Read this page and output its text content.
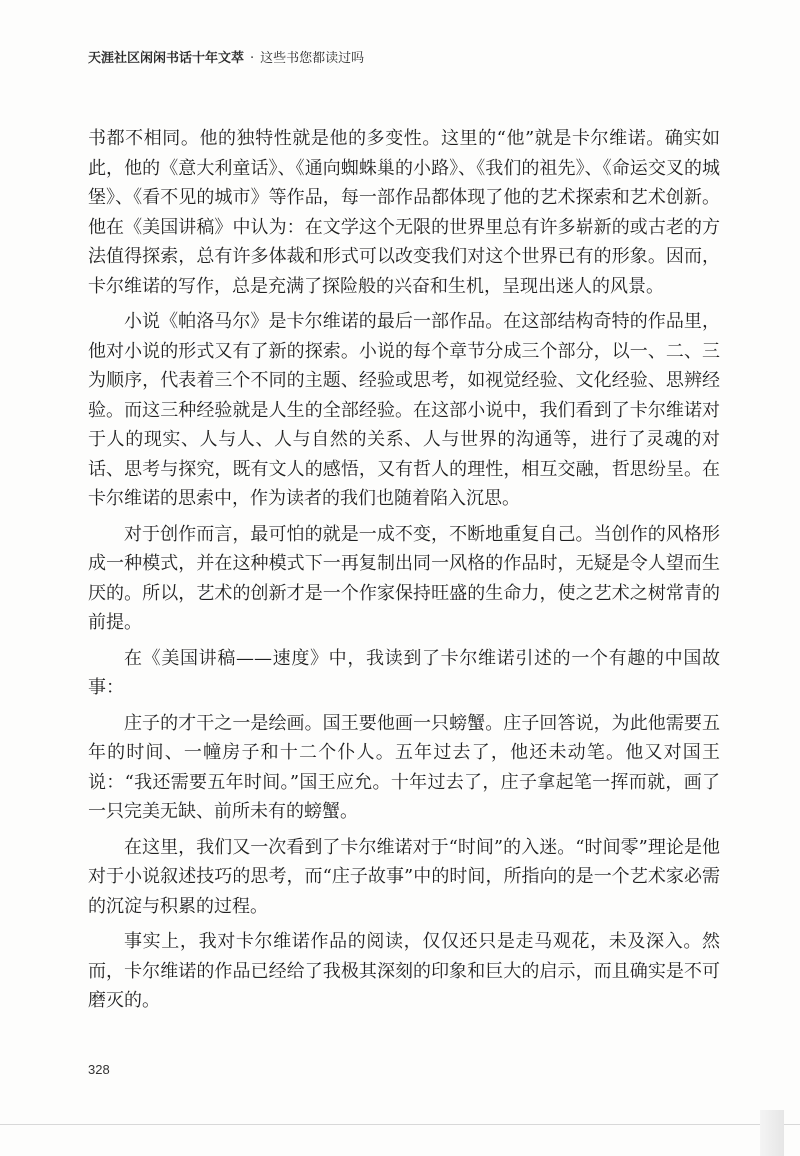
天涯社区闲闲书话十年文萃 · 这些书您都读过吗

书都不相同。他的独特性就是他的多变性。这里的“他”就是卡尔维诺。确实如此，他的《意大利童话》、《通向蜘蛛巢的小路》、《我们的祖先》、《命运交叉的城堡》、《看不见的城市》等作品，每一部作品都体现了他的艺术探索和艺术创新。他在《美国讲稿》中认为：在文学这个无限的世界里总有许多崭新的或古老的方法值得探索，总有许多体裁和形式可以改变我们对这个世界已有的形象。因而，卡尔维诺的写作，总是充满了探险般的兴奋和生机，呈现出迷人的风景。

小说《帕洛马尔》是卡尔维诺的最后一部作品。在这部结构奇特的作品里，他对小说的形式又有了新的探索。小说的每个章节分成三个部分，以一、二、三为顺序，代表着三个不同的主题、经验或思考，如视觉经验、文化经验、思辨经验。而这三种经验就是人生的全部经验。在这部小说中，我们看到了卡尔维诺对于人的现实、人与人、人与自然的关系、人与世界的沟通等，进行了灵魂的对话、思考与探究，既有文人的感悟，又有哲人的理性，相互交融，哲思纷呈。在卡尔维诺的思索中，作为读者的我们也随着陷入沉思。

对于创作而言，最可怕的就是一成不变，不断地重复自己。当创作的风格形成一种模式，并在这种模式下一再复制出同一风格的作品时，无疑是令人望而生厌的。所以，艺术的创新才是一个作家保持旺盛的生命力，使之艺术之树常青的前提。

在《美国讲稿——速度》中，我读到了卡尔维诺引述的一个有趣的中国故事：

庄子的才干之一是绘画。国王要他画一只螃蟹。庄子回答说，为此他需要五年的时间、一幢房子和十二个仆人。五年过去了，他还未动笔。他又对国王说：“我还需要五年时间。”国王应允。十年过去了，庄子拿起笔一挥而就，画了一只完美无缺、前所未有的螃蟹。

在这里，我们又一次看到了卡尔维诺对于“时间”的入迷。“时间零”理论是他对于小说叙述技巧的思考，而“庄子故事”中的时间，所指向的是一个艺术家必需的沉淀与积累的过程。

事实上，我对卡尔维诺作品的阅读，仅仅还只是走马观花，未及深入。然而，卡尔维诺的作品已经给了我极其深刻的印象和巨大的启示，而且确实是不可磨灭的。

328
